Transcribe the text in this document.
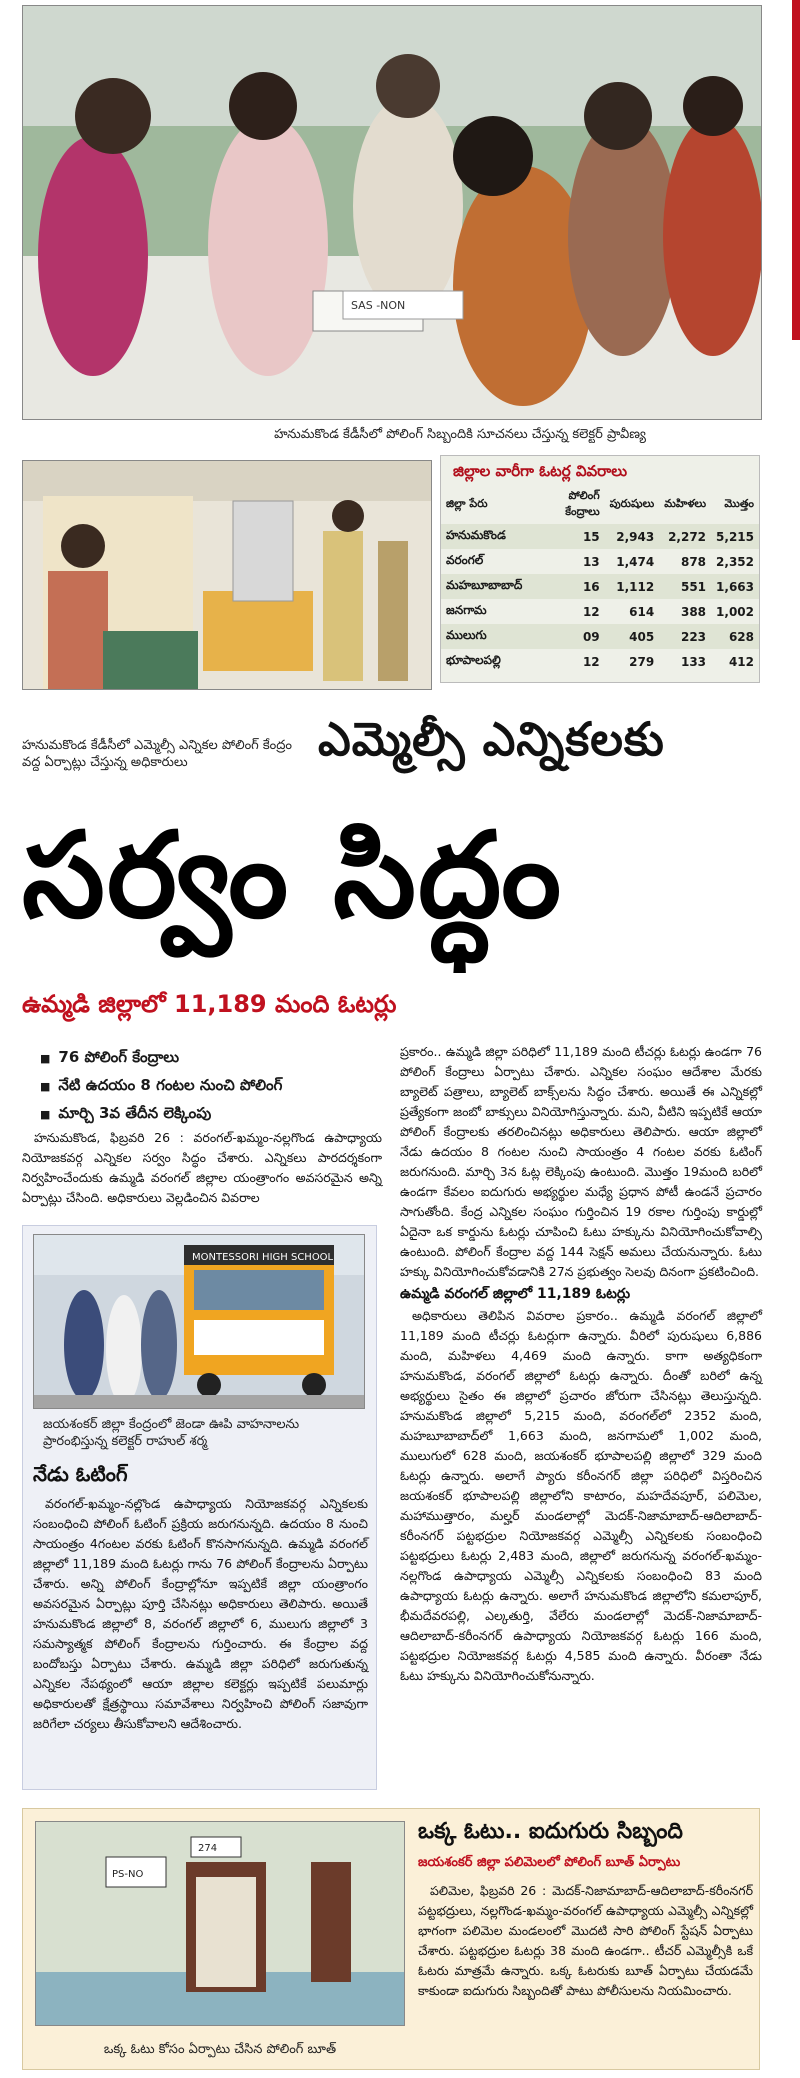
SAS -NON
హనుమకొండ కేడీసీలో పోలింగ్ సిబ్బందికి సూచనలు చేస్తున్న కలెక్టర్ ప్రావీణ్య
హనుమకొండ కేడీసీలో ఎమ్మెల్సీ ఎన్నికల పోలింగ్ కేంద్రం వద్ద ఏర్పాట్లు చేస్తున్న అధికారులు
జిల్లాల వారీగా ఓటర్ల వివరాలు
జిల్లా పేరు	పోలింగ్ కేంద్రాలు	పురుషులు	మహిళలు	మొత్తం
హనుమకొండ	15	2,943	2,272	5,215
వరంగల్	13	1,474	878	2,352
మహబూబాబాద్	16	1,112	551	1,663
జనగామ	12	614	388	1,002
ములుగు	09	405	223	628
భూపాలపల్లి	12	279	133	412
ఎమ్మెల్సీ ఎన్నికలకు
సర్వం సిద్ధం
ఉమ్మడి జిల్లాలో 11,189 మంది ఓటర్లు
■ 76 పోలింగ్ కేంద్రాలు
■ నేటి ఉదయం 8 గంటల నుంచి పోలింగ్
■ మార్చి 3వ తేదీన లెక్కింపు

హనుమకొండ, ఫిబ్రవరి 26 : వరంగల్-ఖమ్మం-నల్లగొండ ఉపాధ్యాయ నియోజకవర్గ ఎన్నికల సర్వం సిద్ధం చేశారు. ఎన్నికలు పారదర్శకంగా నిర్వహించేందుకు ఉమ్మడి వరంగల్ జిల్లాల యంత్రాంగం అవసరమైన అన్ని ఏర్పాట్లు చేసింది. అధికారులు వెల్లడించిన వివరాల

MONTESSORI HIGH SCHOOL
జయశంకర్ జిల్లా కేంద్రంలో జెండా ఊపి వాహనాలను ప్రారంభిస్తున్న కలెక్టర్ రాహుల్ శర్మ
నేడు ఓటింగ్

వరంగల్-ఖమ్మం-నల్లొండ ఉపాధ్యాయ నియోజకవర్గ ఎన్నికలకు సంబంధించి పోలింగ్ ఓటింగ్ ప్రక్రియ జరుగనున్నది. ఉదయం 8 నుంచి సాయంత్రం 4గంటల వరకు ఓటింగ్ కొనసాగనున్నది. ఉమ్మడి వరంగల్ జిల్లాలో 11,189 మంది ఓటర్లు గాను 76 పోలింగ్ కేంద్రాలను ఏర్పాటు చేశారు. అన్ని పోలింగ్ కేంద్రాల్లోనూ ఇప్పటికే జిల్లా యంత్రాంగం అవసరమైన ఏర్పాట్లు పూర్తి చేసినట్లు అధికారులు తెలిపారు. అయితే హనుమకొండ జిల్లాలో 8, వరంగల్ జిల్లాలో 6, ములుగు జిల్లాలో 3 సమస్యాత్మక పోలింగ్ కేంద్రాలను గుర్తించారు. ఈ కేంద్రాల వద్ద బందోబస్తు ఏర్పాటు చేశారు. ఉమ్మడి జిల్లా పరిధిలో జరుగుతున్న ఎన్నికల నేపథ్యంలో ఆయా జిల్లాల కలెక్టర్లు ఇప్పటికే పలుమార్లు అధికారులతో క్షేత్రస్థాయి సమావేశాలు నిర్వహించి పోలింగ్ సజావుగా జరిగేలా చర్యలు తీసుకోవాలని ఆదేశించారు.

ప్రకారం.. ఉమ్మడి జిల్లా పరిధిలో 11,189 మంది టీచర్లు ఓటర్లు ఉండగా 76 పోలింగ్ కేంద్రాలు ఏర్పాటు చేశారు. ఎన్నికల సంఘం ఆదేశాల మేరకు బ్యాలెట్ పత్రాలు, బ్యాలెట్ బాక్స్‌లను సిద్ధం చేశారు. అయితే ఈ ఎన్నికల్లో ప్రత్యేకంగా జంబో బాక్సులు వినియోగిస్తున్నారు. మని, వీటిని ఇప్పటికే ఆయా పోలింగ్ కేంద్రాలకు తరలించినట్లు అధికారులు తెలిపారు. ఆయా జిల్లాలో నేడు ఉదయం 8 గంటల నుంచి సాయంత్రం 4 గంటల వరకు ఓటింగ్ జరుగనుంది. మార్చి 3న ఓట్ల లెక్కింపు ఉంటుంది. మొత్తం 19మంది బరిలో ఉండగా కేవలం ఐదుగురు అభ్యర్థుల మధ్యే ప్రధాన పోటీ ఉండనే ప్రచారం సాగుతోంది. కేంద్ర ఎన్నికల సంఘం గుర్తించిన 19 రకాల గుర్తింపు కార్డుల్లో ఏదైనా ఒక కార్డును ఓటర్లు చూపించి ఓటు హక్కును వినియోగించుకోవాల్సి ఉంటుంది. పోలింగ్ కేంద్రాల వద్ద 144 సెక్షన్ అమలు చేయనున్నారు. ఓటు హక్కు వినియోగించుకోవడానికి 27న ప్రభుత్వం సెలవు దినంగా ప్రకటించింది.

ఉమ్మడి వరంగల్ జిల్లాలో 11,189 ఓటర్లు

అధికారులు తెలిపిన వివరాల ప్రకారం.. ఉమ్మడి వరంగల్ జిల్లాలో 11,189 మంది టీచర్లు ఓటర్లుగా ఉన్నారు. వీరిలో పురుషులు 6,886 మంది, మహిళలు 4,469 మంది ఉన్నారు. కాగా అత్యధికంగా హనుమకొండ, వరంగల్ జిల్లాలో ఓటర్లు ఉన్నారు. దీంతో బరిలో ఉన్న అభ్యర్థులు సైతం ఈ జిల్లాలో ప్రచారం జోరుగా చేసినట్లు తెలుస్తున్నది. హనుమకొండ జిల్లాలో 5,215 మంది, వరంగల్‌లో 2352 మంది, మహబూబాబాద్‌లో 1,663 మంది, జనగామలో 1,002 మంది, ములుగులో 628 మంది, జయశంకర్ భూపాలపల్లి జిల్లాలో 329 మంది ఓటర్లు ఉన్నారు. అలాగే ప్యారు కరీంనగర్ జిల్లా పరిధిలో విస్తరించిన జయశంకర్ భూపాలపల్లి జిల్లాలోని కాటారం, మహదేవపూర్, పలిమెల, మహాముత్తారం, మల్హర్ మండలాల్లో మెదక్-నిజామాబాద్-ఆదిలాబాద్-కరీంనగర్ పట్టభద్రుల నియోజకవర్గ ఎమ్మెల్సీ ఎన్నికలకు సంబంధించి పట్టభద్రులు ఓటర్లు 2,483 మంది, జిల్లాలో జరుగనున్న వరంగల్-ఖమ్మం-నల్లగొండ ఉపాధ్యాయ ఎమ్మెల్సీ ఎన్నికలకు సంబంధించి 83 మంది ఉపాధ్యాయ ఓటర్లు ఉన్నారు. అలాగే హనుమకొండ జిల్లాలోని కమలాపూర్, భీమదేవరపల్లి, ఎల్కతుర్తి, వేలేరు మండలాల్లో మెదక్-నిజామాబాద్-ఆదిలాబాద్-కరీంనగర్ ఉపాధ్యాయ నియోజకవర్గ ఓటర్లు 166 మంది, పట్టభద్రుల నియోజకవర్గ ఓటర్లు 4,585 మంది ఉన్నారు. వీరంతా నేడు ఓటు హక్కును వినియోగించుకోనున్నారు.

PS-NO
274
ఒక్క ఓటు కోసం ఏర్పాటు చేసిన పోలింగ్ బూత్
ఒక్క ఓటు.. ఐదుగురు సిబ్బంది
జయశంకర్ జిల్లా పలిమెలలో పోలింగ్ బూత్ ఏర్పాటు

పలిమెల, ఫిబ్రవరి 26 : మెదక్-నిజామాబాద్-ఆదిలాబాద్-కరీంనగర్ పట్టభద్రులు, నల్లగొండ-ఖమ్మం-వరంగల్ ఉపాధ్యాయ ఎమ్మెల్సీ ఎన్నికల్లో భాగంగా పలిమెల మండలంలో మొదటి సారి పోలింగ్ స్టేషన్ ఏర్పాటు చేశారు. పట్టభద్రుల ఓటర్లు 38 మంది ఉండగా.. టీచర్ ఎమ్మెల్సీకి ఒకే ఓటరు మాత్రమే ఉన్నారు. ఒక్క ఓటరుకు బూత్ ఏర్పాటు చేయడమే కాకుండా ఐదుగురు సిబ్బందితో పాటు పోలీసులను నియమించారు.
